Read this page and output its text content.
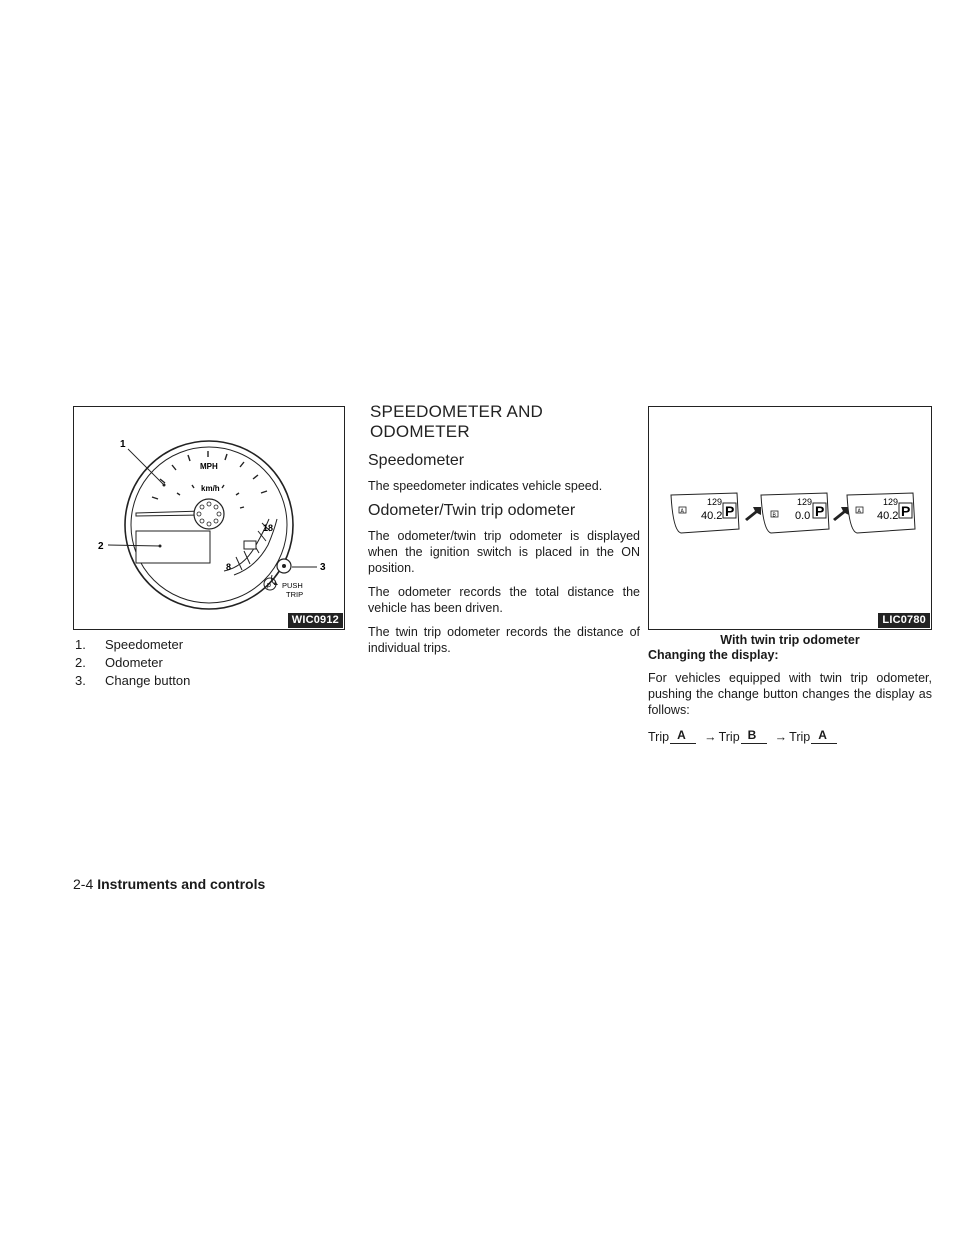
18
8
MPH
km/h
1
2
3
p PUSH
TRIP
WIC0912
1.	Speedometer
2.	Odometer
3.	Change button
SPEEDOMETER AND ODOMETER
Speedometer

The speedometer indicates vehicle speed.

Odometer/Twin trip odometer

The odometer/twin trip odometer is displayed when the ignition switch is placed in the ON position.

The odometer records the total distance the vehicle has been driven.

The twin trip odometer records the distance of individual trips.

A
129
40.2 P	B
129
0.0 P	A
129
40.2 P
LIC0780
With twin trip odometer
Changing the display:

For vehicles equipped with twin trip odometer, pushing the change button changes the display as follows:

Trip A → Trip B → Trip A
2-4 Instruments and controls
